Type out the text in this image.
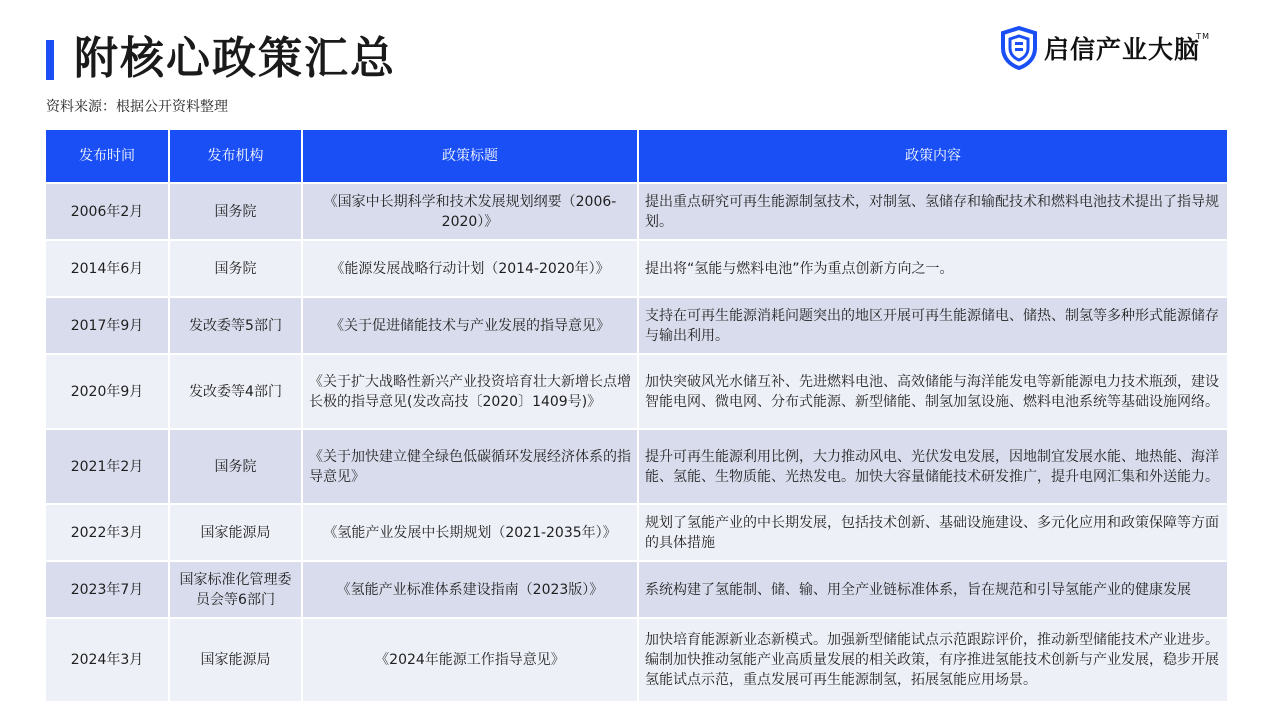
附核心政策汇总
资料来源：根据公开资料整理
启信产业大脑
TM
发布时间	发布机构	政策标题	政策内容
2006年2月	国务院	《国家中长期科学和技术发展规划纲要（2006-2020）》	提出重点研究可再生能源制氢技术，对制氢、氢储存和输配技术和燃料电池技术提出了指导规划。
2014年6月	国务院	《能源发展战略行动计划（2014-2020年）》	提出将“氢能与燃料电池”作为重点创新方向之一。
2017年9月	发改委等5部门	《关于促进储能技术与产业发展的指导意见》	支持在可再生能源消耗问题突出的地区开展可再生能源储电、储热、制氢等多种形式能源储存与输出利用。
2020年9月	发改委等4部门	《关于扩大战略性新兴产业投资培育壮大新增长点增长极的指导意见(发改高技〔2020〕1409号)》	加快突破风光水储互补、先进燃料电池、高效储能与海洋能发电等新能源电力技术瓶颈，建设智能电网、微电网、分布式能源、新型储能、制氢加氢设施、燃料电池系统等基础设施网络。
2021年2月	国务院	《关于加快建立健全绿色低碳循环发展经济体系的指导意见》	提升可再生能源利用比例，大力推动风电、光伏发电发展，因地制宜发展水能、地热能、海洋能、氢能、生物质能、光热发电。加快大容量储能技术研发推广，提升电网汇集和外送能力。
2022年3月	国家能源局	《氢能产业发展中长期规划（2021-2035年）》	规划了氢能产业的中长期发展，包括技术创新、基础设施建设、多元化应用和政策保障等方面的具体措施
2023年7月	国家标准化管理委员会等6部门	《氢能产业标准体系建设指南（2023版）》	系统构建了氢能制、储、输、用全产业链标准体系，旨在规范和引导氢能产业的健康发展
2024年3月	国家能源局	《2024年能源工作指导意见》	加快培育能源新业态新模式。加强新型储能试点示范跟踪评价，推动新型储能技术产业进步。编制加快推动氢能产业高质量发展的相关政策，有序推进氢能技术创新与产业发展，稳步开展氢能试点示范，重点发展可再生能源制氢，拓展氢能应用场景。
